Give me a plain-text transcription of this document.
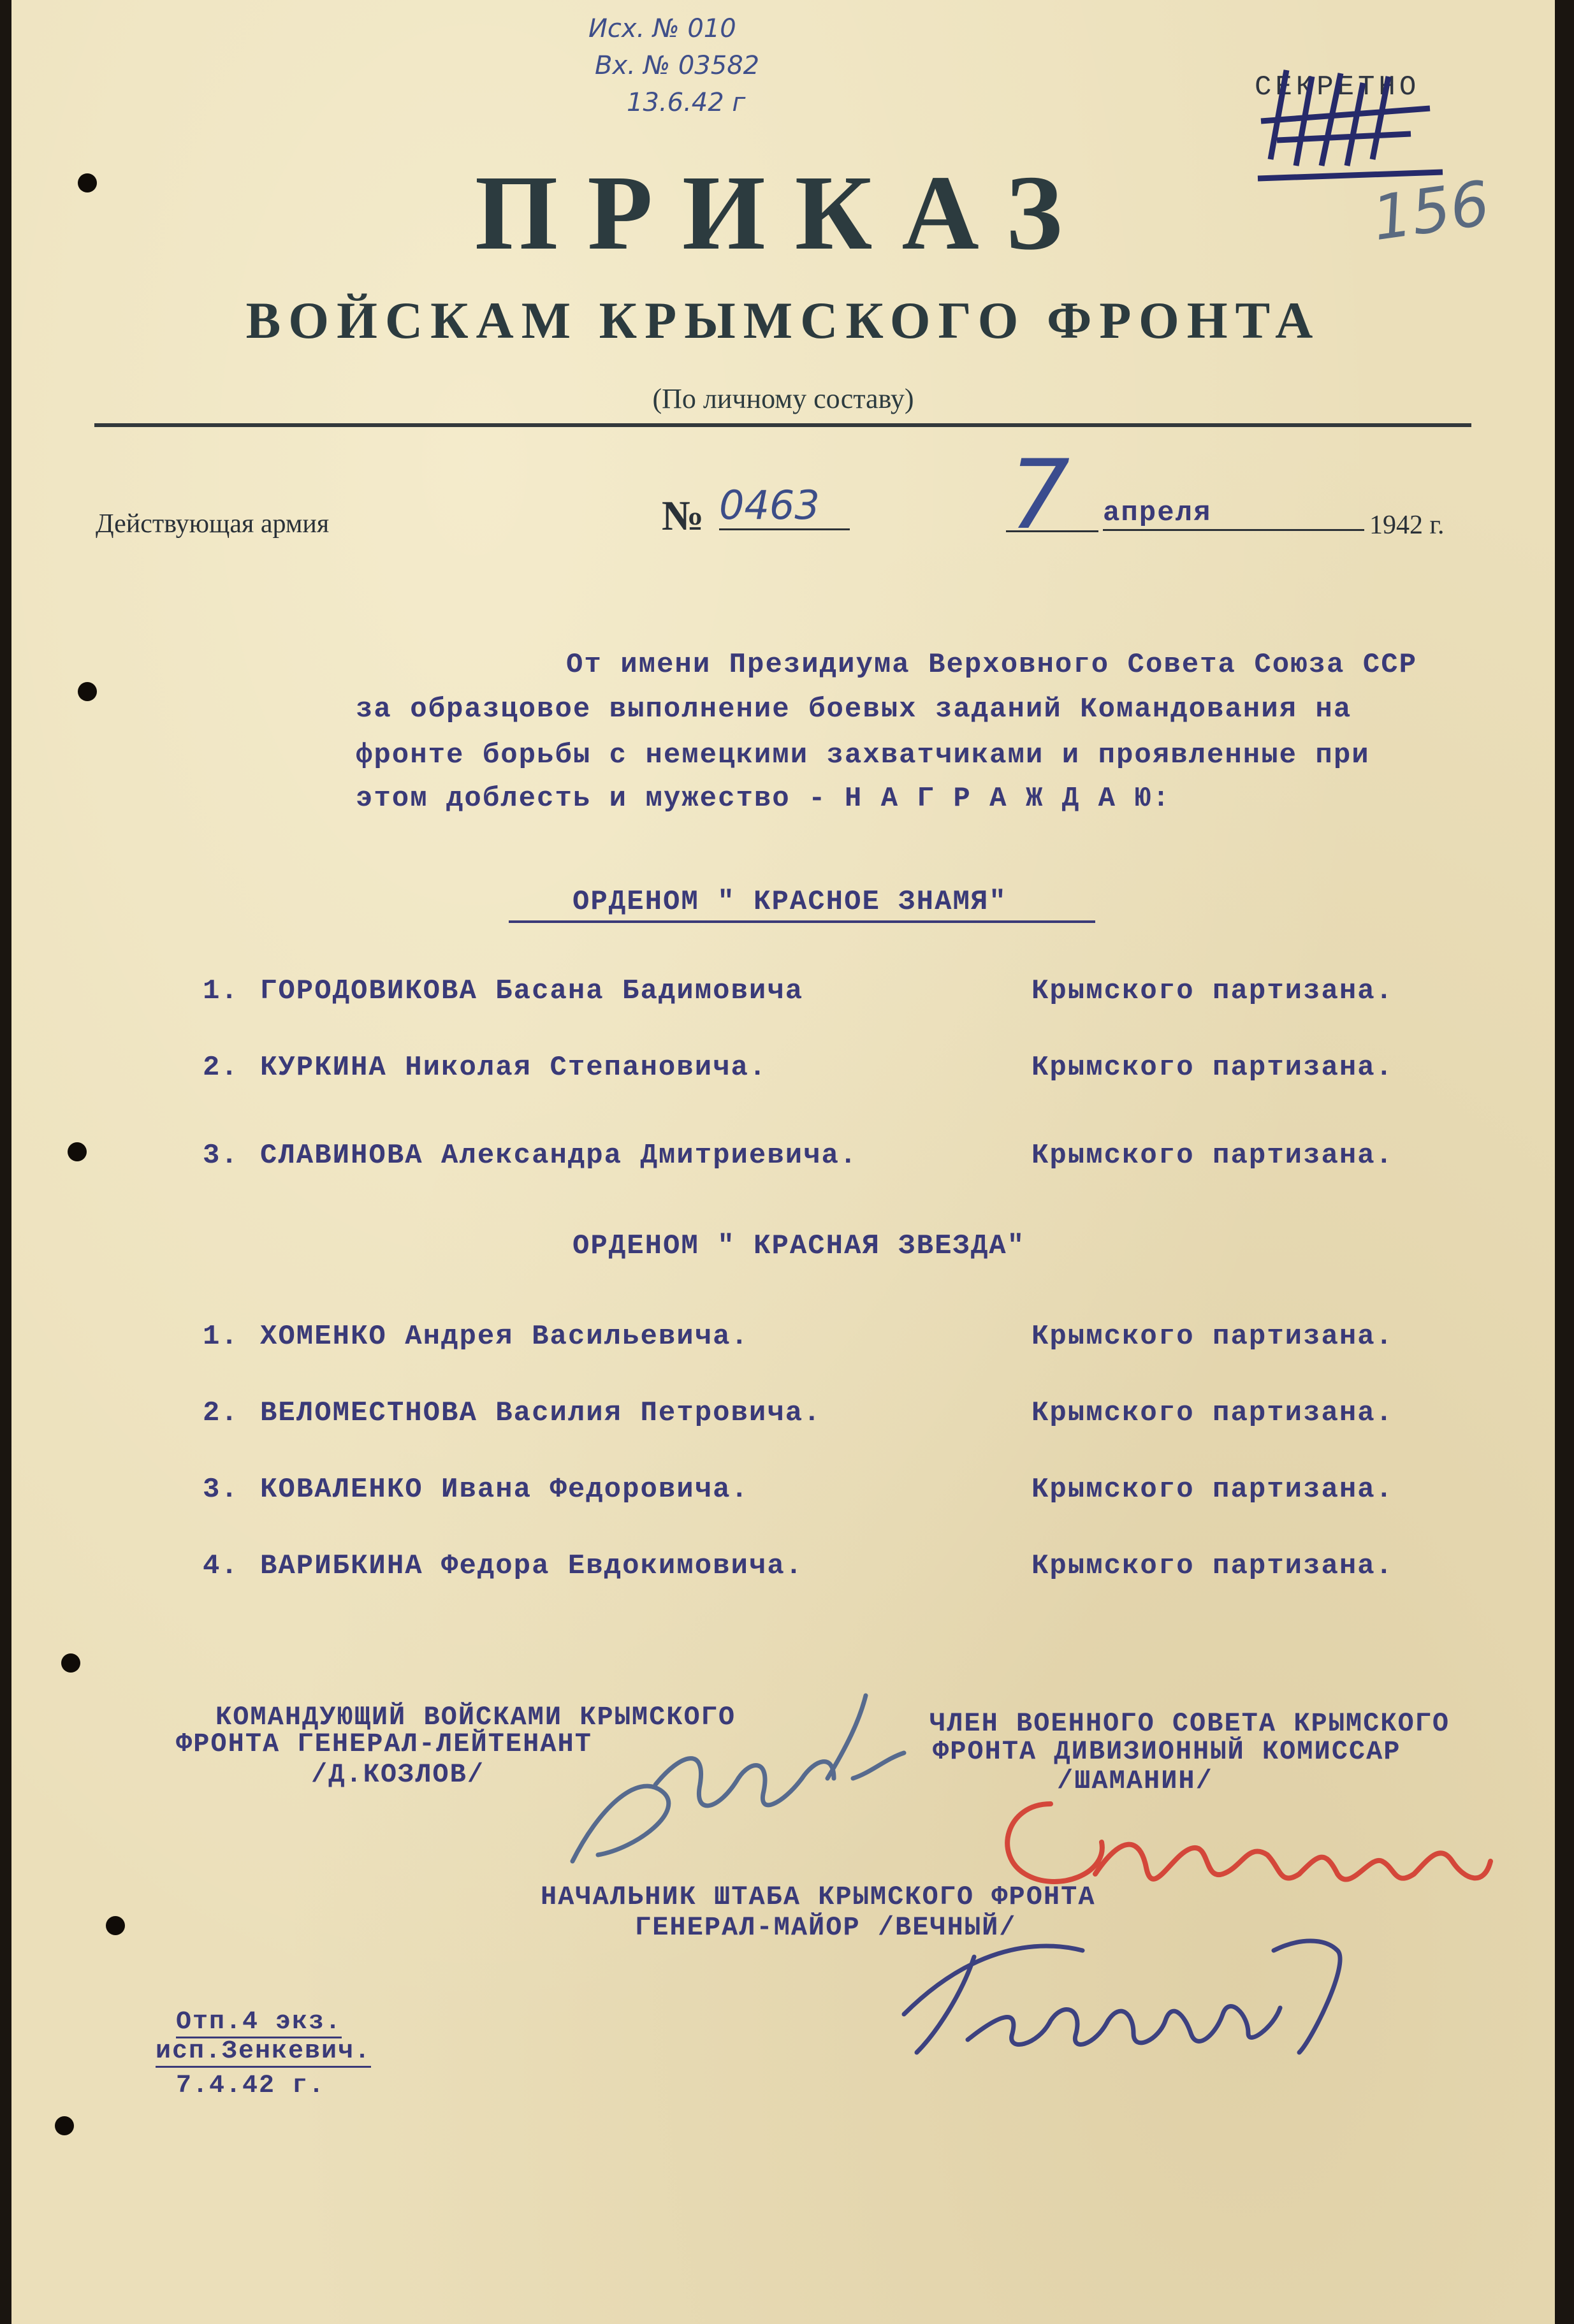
Исх. № 010
Вх. № 03582
13.6.42 г	СЕКРЕТНО
156
ПРИКАЗ
ВОЙСКАМ КРЫМСКОГО ФРОНТА
(По личному составу)
Действующая армия	№ 0463	7 апреля	1942 г.
От имени Президиума Верховного Совета Союза ССР
за образцовое выполнение боевых заданий Командования на
фронте борьбы с немецкими захватчиками и проявленные при
этом доблесть и мужество - Н А Г Р А Ж Д А Ю:
ОРДЕНОМ " КРАСНОЕ ЗНАМЯ"
1. ГОРОДОВИКОВА Басана Бадимовича	Крымского партизана.
2. КУРКИНА Николая Степановича.	Крымского партизана.
3. СЛАВИНОВА Александра Дмитриевича.	Крымского партизана.
ОРДЕНОМ " КРАСНАЯ ЗВЕЗДА"
1. ХОМЕНКО Андрея Васильевича.	Крымского партизана.
2. ВЕЛОМЕСТНОВА Василия Петровича.	Крымского партизана.
3. КОВАЛЕНКО Ивана Федоровича.	Крымского партизана.
4. ВАРИБКИНА Федора Евдокимовича.	Крымского партизана.
КОМАНДУЮЩИЙ ВОЙСКАМИ КРЫМСКОГО
ФРОНТА ГЕНЕРАЛ-ЛЕЙТЕНАНТ
/Д.КОЗЛОВ/
ЧЛЕН ВОЕННОГО СОВЕТА КРЫМСКОГО
ФРОНТА ДИВИЗИОННЫЙ КОМИССАР
/ШАМАНИН/
НАЧАЛЬНИК ШТАБА КРЫМСКОГО ФРОНТА
ГЕНЕРАЛ-МАЙОР /ВЕЧНЫЙ/
Отп.4 экз.
исп.Зенкевич.
7.4.42 г.
